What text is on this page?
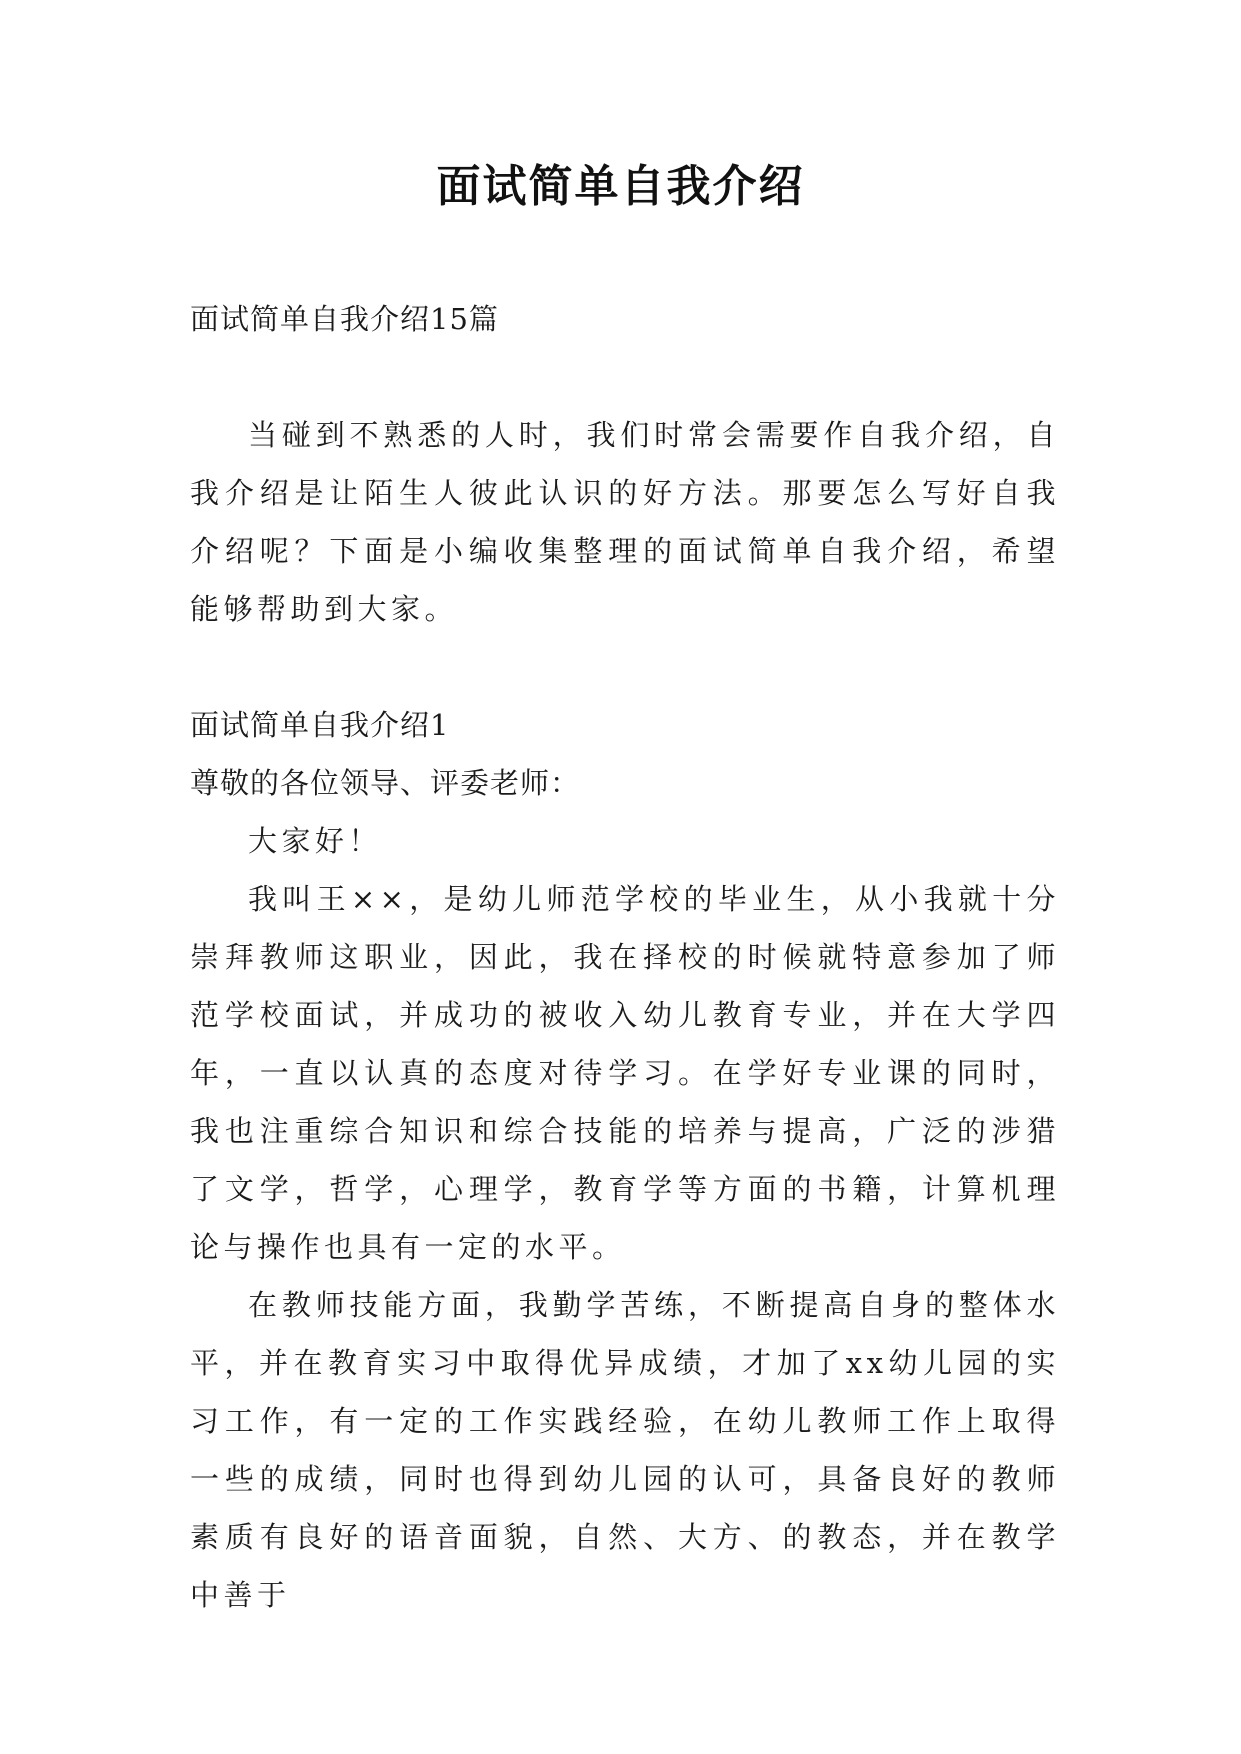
面试简单自我介绍

面试简单自我介绍15篇

当碰到不熟悉的人时，我们时常会需要作自我介绍，自我介绍是让陌生人彼此认识的好方法。那要怎么写好自我介绍呢？下面是小编收集整理的面试简单自我介绍，希望能够帮助到大家。

面试简单自我介绍1

尊敬的各位领导、评委老师：

大家好！

我叫王××，是幼儿师范学校的毕业生，从小我就十分崇拜教师这职业，因此，我在择校的时候就特意参加了师范学校面试，并成功的被收入幼儿教育专业，并在大学四年，一直以认真的态度对待学习。在学好专业课的同时，我也注重综合知识和综合技能的培养与提高，广泛的涉猎了文学，哲学，心理学，教育学等方面的书籍，计算机理论与操作也具有一定的水平。

在教师技能方面，我勤学苦练，不断提高自身的整体水平，并在教育实习中取得优异成绩，才加了xx幼儿园的实习工作，有一定的工作实践经验，在幼儿教师工作上取得一些的成绩，同时也得到幼儿园的认可，具备良好的教师素质有良好的语音面貌，自然、大方、的教态，并在教学中善于
